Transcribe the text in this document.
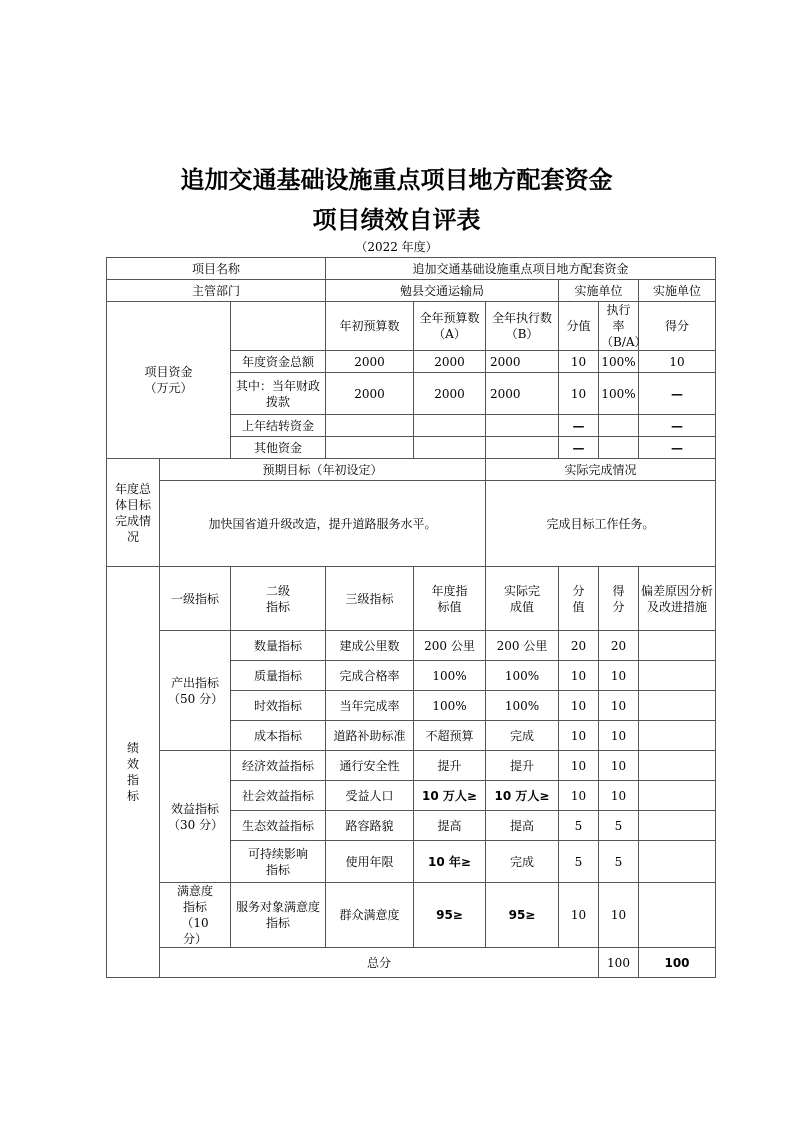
追加交通基础设施重点项目地方配套资金
项目绩效自评表
（2022 年度）
项目名称			追加交通基础设施重点项目地方配套资金						
主管部门			勉县交通运输局			实施单位		实施单位	

项目资金
（万元）			年初预算数	全年预算数（A）	全年执行数（B）	分值	执行率（B/A）	得分	
		年度资金总额	2000	2000	2000	10	100%	10	
		其中：当年财政拨款	2000	2000	2000	10	100%	—	
		上年结转资金				—		—	
		其他资金				—		—	
年度总体目标完成情况	预期目标（年初设定）				实际完成情况				
	加快国省道升级改造，提升道路服务水平。				完成目标工作任务。				
绩效指标	一级指标	二级指标	三级指标	年度指标值	实际完成值	分值	得分	偏差原因分析及改进措施	
	产出指标（50 分）	数量指标	建成公里数	200 公里	200 公里	20	20		
		质量指标	完成合格率	100%	100%	10	10		
		时效指标	当年完成率	100%	100%	10	10		
		成本指标	道路补助标准	不超预算	完成	10	10		
	效益指标（30 分）	经济效益指标	通行安全性	提升	提升	10	10		
		社会效益指标	受益人口	10 万人≥	10 万人≥	10	10		
		生态效益指标	路容路貌	提高	提高	5	5		
		可持续影响指标	使用年限	10 年≥	完成	5	5		
	满意度指标（10 分）	服务对象满意度指标	群众满意度	95≥	95≥	10	10		
	总分						100	100	
